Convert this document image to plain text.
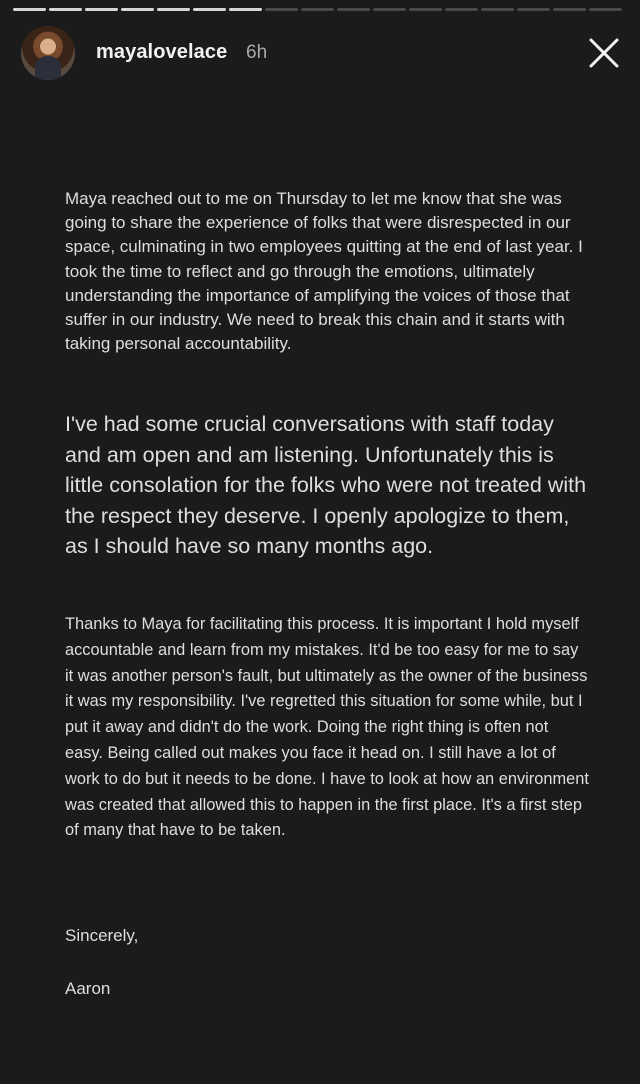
mayalovelace 6h

Maya reached out to me on Thursday to let me know that she was going to share the experience of folks that were disrespected in our space, culminating in two employees quitting at the end of last year. I took the time to reflect and go through the emotions, ultimately understanding the importance of amplifying the voices of those that suffer in our industry. We need to break this chain and it starts with taking personal accountability.

I've had some crucial conversations with staff today and am open and am listening. Unfortunately this is little consolation for the folks who were not treated with the respect they deserve. I openly apologize to them, as I should have so many months ago.

Thanks to Maya for facilitating this process. It is important I hold myself accountable and learn from my mistakes. It'd be too easy for me to say it was another person's fault, but ultimately as the owner of the business it was my responsibility. I've regretted this situation for some while, but I put it away and didn't do the work. Doing the right thing is often not easy. Being called out makes you face it head on. I still have a lot of work to do but it needs to be done. I have to look at how an environment was created that allowed this to happen in the first place. It's a first step of many that have to be taken.

Sincerely,

Aaron
